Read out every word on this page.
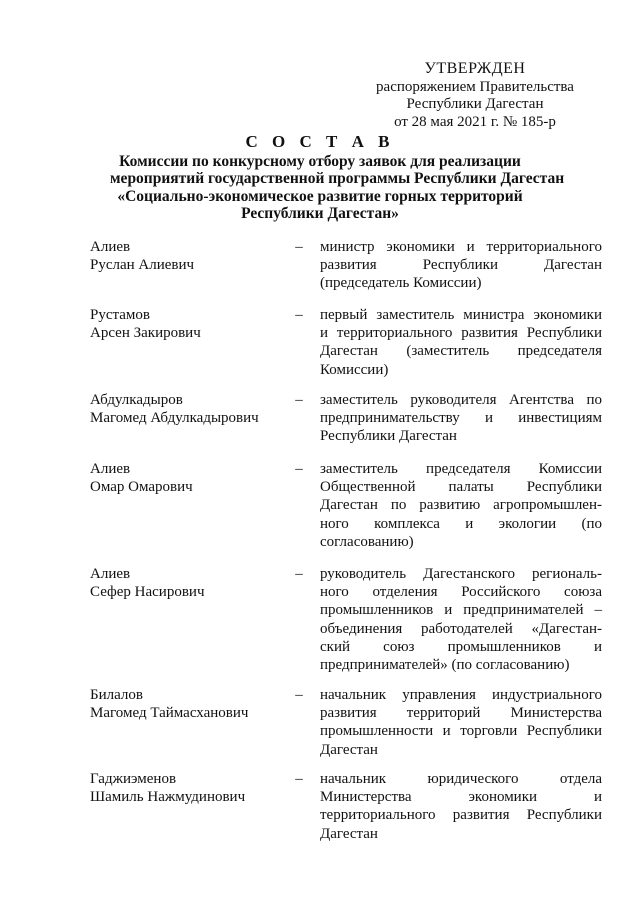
УТВЕРЖДЕН
распоряжением Правительства
Республики Дагестан
от 28 мая 2021 г. № 185-р
С О С Т А В
Комиссии по конкурсному отбору заявок для реализации
мероприятий государственной программы Республики Дагестан
«Социально-экономическое развитие горных территорий
Республики Дагестан»
Алиев
Руслан Алиевич
– министр экономики и территориального
развития Республики Дагестан
(председатель Комиссии)
Рустамов
Арсен Закирович
– первый заместитель министра экономики
и территориального развития Республики
Дагестан (заместитель председателя
Комиссии)
Абдулкадыров
Магомед Абдулкадырович
– заместитель руководителя Агентства по
предпринимательству и инвестициям
Республики Дагестан
Алиев
Омар Омарович
– заместитель председателя Комиссии
Общественной палаты Республики
Дагестан по развитию агропромышлен-
ного комплекса и экологии (по
согласованию)
Алиев
Сефер Насирович
– руководитель Дагестанского региональ-
ного отделения Российского союза
промышленников и предпринимателей –
объединения работодателей «Дагестан-
ский союз промышленников и
предпринимателей» (по согласованию)
Билалов
Магомед Таймасханович
– начальник управления индустриального
развития территорий Министерства
промышленности и торговли Республики
Дагестан
Гаджиэменов
Шамиль Нажмудинович
– начальник юридического отдела
Министерства экономики и
территориального развития Республики
Дагестан
